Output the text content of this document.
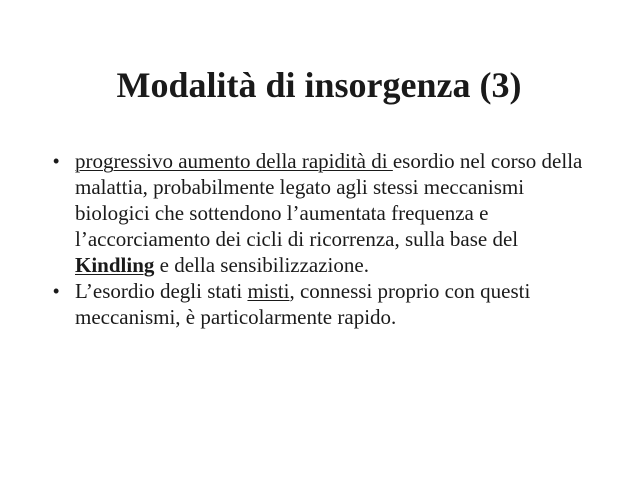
Modalità di insorgenza (3)
• progressivo aumento della rapidità di esordio nel corso della malattia, probabilmente legato agli stessi meccanismi biologici che sottendono l’aumentata frequenza e l’accorciamento dei cicli di ricorrenza, sulla base del Kindling e della sensibilizzazione.
• L’esordio degli stati misti, connessi proprio con questi meccanismi, è particolarmente rapido.
